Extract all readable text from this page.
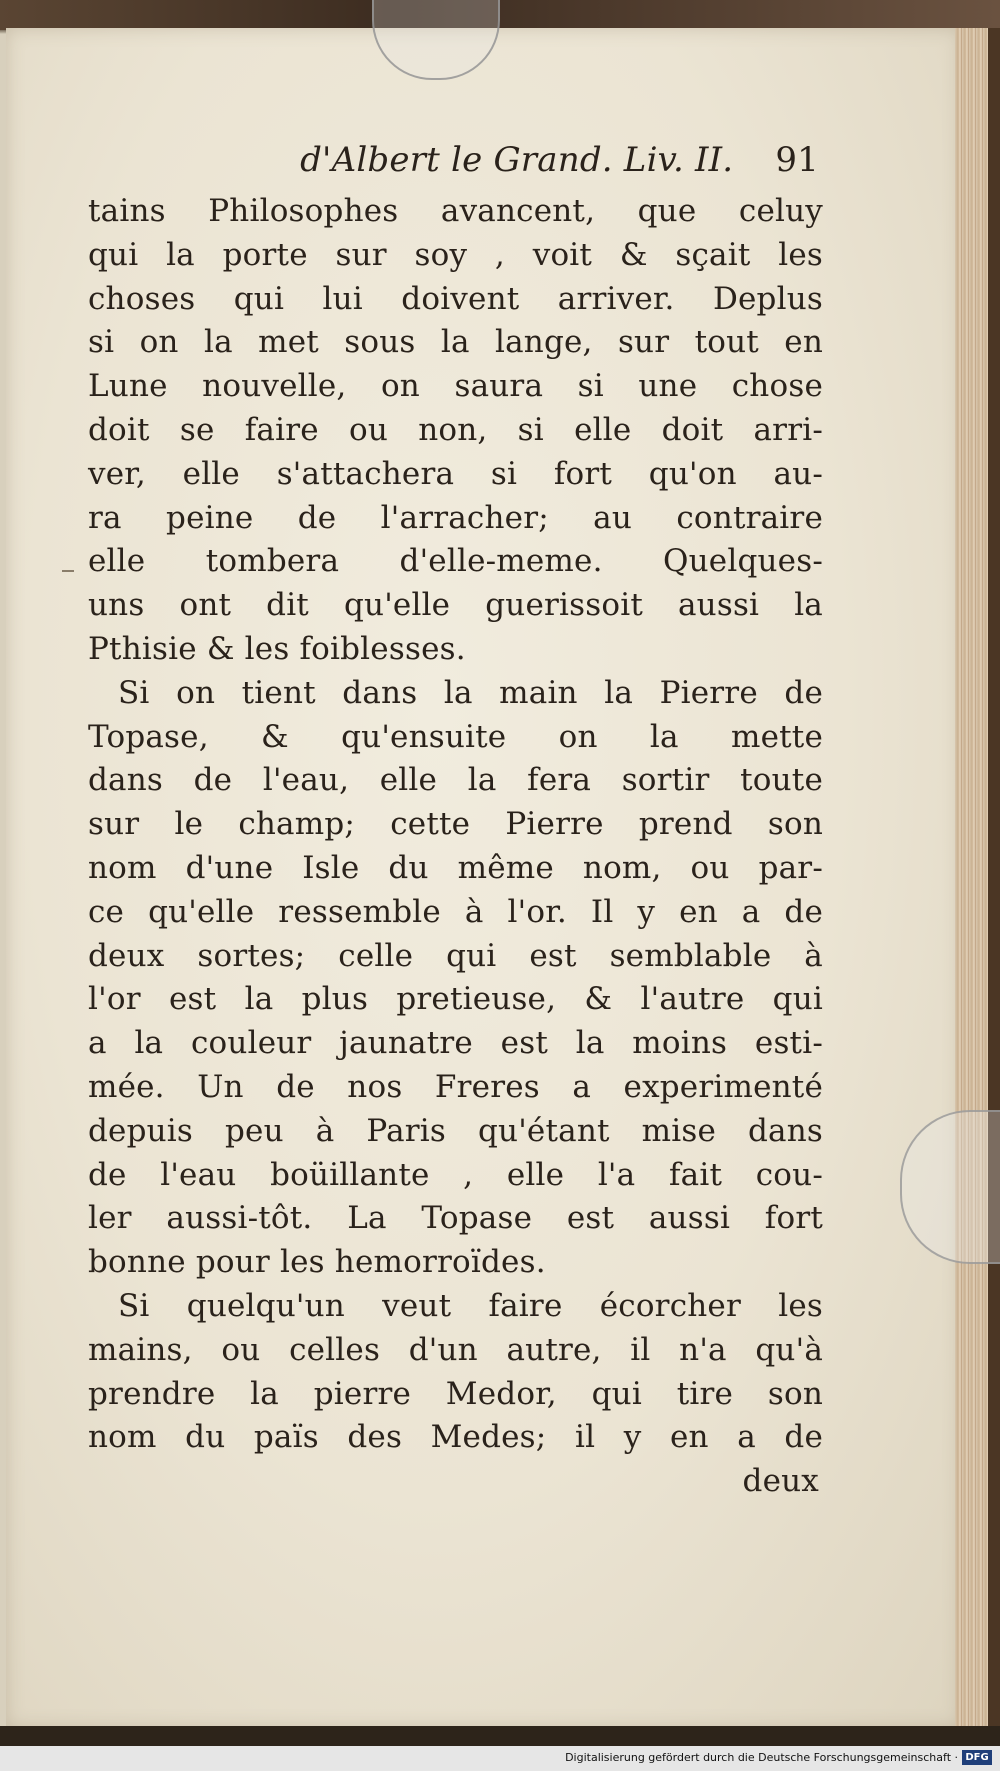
d'Albert le Grand. Liv. II. 91
tains Philosophes avancent, que celuy
qui la porte sur soy , voit & sçait les
choses qui lui doivent arriver. Deplus
si on la met sous la lange, sur tout en
Lune nouvelle, on saura si une chose
doit se faire ou non, si elle doit arri-
ver, elle s'attachera si fort qu'on au-
ra peine de l'arracher; au contraire
elle tombera d'elle-meme. Quelques-
uns ont dit qu'elle guerissoit aussi la
Pthisie & les foiblesses.
Si on tient dans la main la Pierre de
Topase, & qu'ensuite on la mette
dans de l'eau, elle la fera sortir toute
sur le champ; cette Pierre prend son
nom d'une Isle du même nom, ou par-
ce qu'elle ressemble à l'or. Il y en a de
deux sortes; celle qui est semblable à
l'or est la plus pretieuse, & l'autre qui
a la couleur jaunatre est la moins esti-
mée. Un de nos Freres a experimenté
depuis peu à Paris qu'étant mise dans
de l'eau boüillante , elle l'a fait cou-
ler aussi-tôt. La Topase est aussi fort
bonne pour les hemorroïdes.
Si quelqu'un veut faire écorcher les
mains, ou celles d'un autre, il n'a qu'à
prendre la pierre Medor, qui tire son
nom du païs des Medes; il y en a de
deux
Digitalisierung gefördert durch die Deutsche Forschungsgemeinschaft · DFG
